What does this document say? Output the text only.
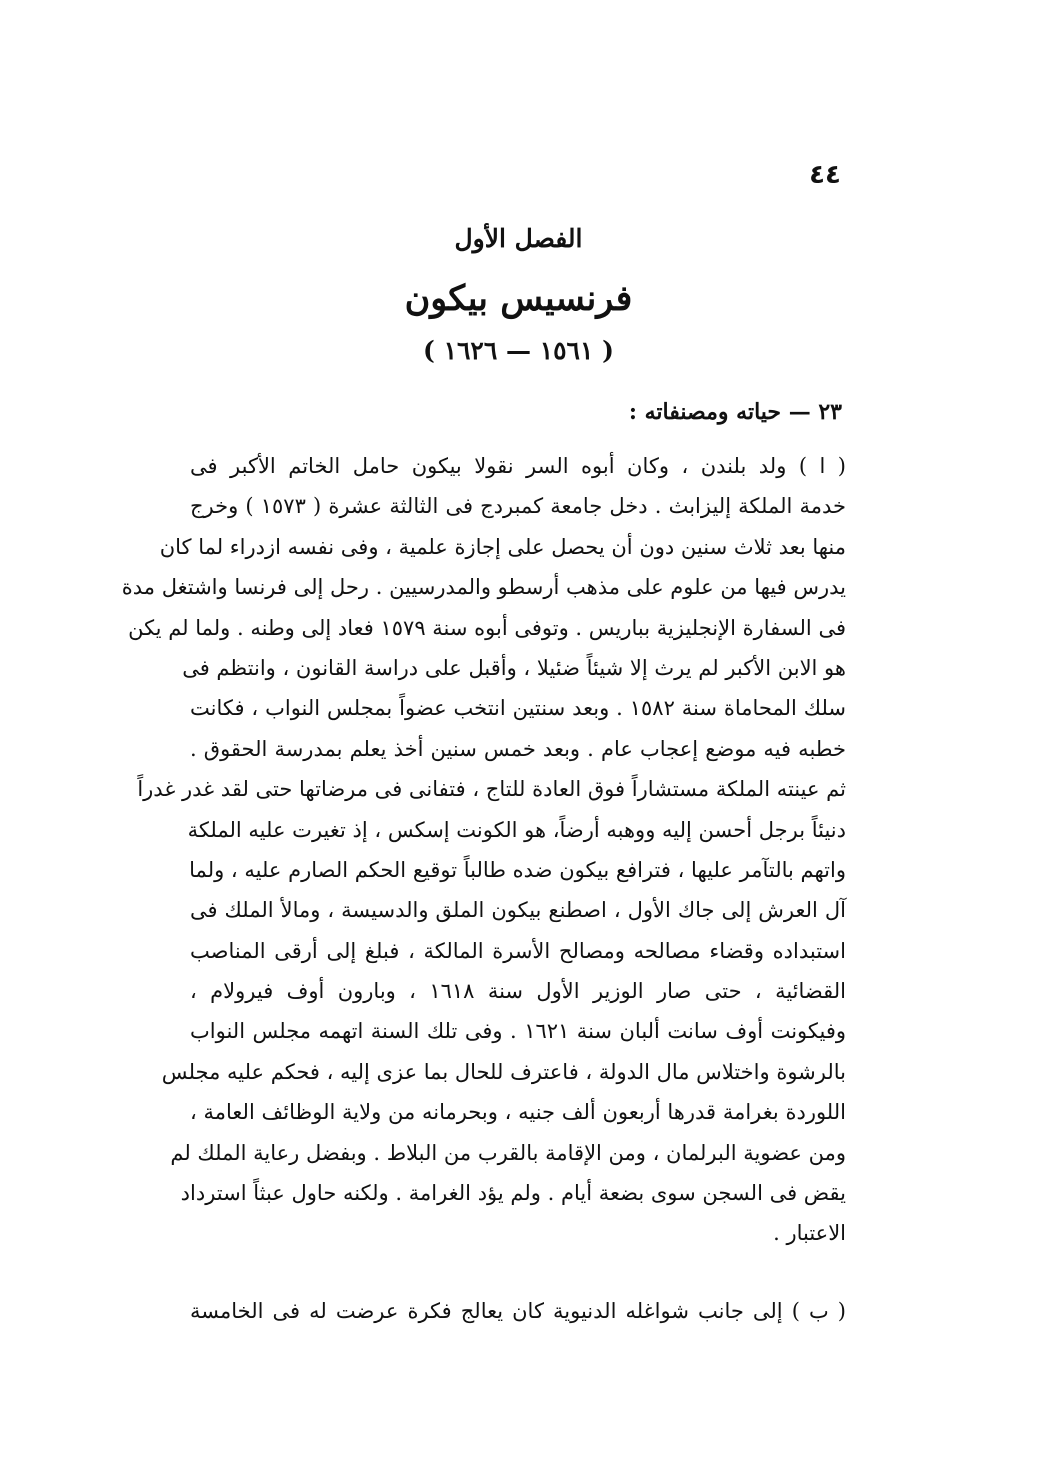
٤٤
الفصل الأول
فرنسيس بيكون
( ١٥٦١ — ١٦٢٦ )
٢٣ — حياته ومصنفاته :
( ا ) ولد بلندن ، وكان أبوه السر نقولا بيكون حامل الخاتم الأكبر فى
خدمة الملكة إليزابث . دخل جامعة كمبردج فى الثالثة عشرة ( ١٥٧٣ ) وخرج
منها بعد ثلاث سنين دون أن يحصل على إجازة علمية ، وفى نفسه ازدراء لما كان
يدرس فيها من علوم على مذهب أرسطو والمدرسيين . رحل إلى فرنسا واشتغل مدة
فى السفارة الإنجليزية بباريس . وتوفى أبوه سنة ١٥٧٩ فعاد إلى وطنه . ولما لم يكن
هو الابن الأكبر لم يرث إلا شيئاً ضئيلا ، وأقبل على دراسة القانون ، وانتظم فى
سلك المحاماة سنة ١٥٨٢ . وبعد سنتين انتخب عضواً بمجلس النواب ، فكانت
خطبه فيه موضع إعجاب عام . وبعد خمس سنين أخذ يعلم بمدرسة الحقوق .
ثم عينته الملكة مستشاراً فوق العادة للتاج ، فتفانى فى مرضاتها حتى لقد غدر غدراً
دنيئاً برجل أحسن إليه ووهبه أرضاً، هو الكونت إسكس ، إذ تغيرت عليه الملكة
واتهم بالتآمر عليها ، فترافع بيكون ضده طالباً توقيع الحكم الصارم عليه ، ولما
آل العرش إلى جاك الأول ، اصطنع بيكون الملق والدسيسة ، ومالأ الملك فى
استبداده وقضاء مصالحه ومصالح الأسرة المالكة ، فبلغ إلى أرقى المناصب
القضائية ، حتى صار الوزير الأول سنة ١٦١٨ ، وبارون أوف فيرولام ،
وفيكونت أوف سانت ألبان سنة ١٦٢١ . وفى تلك السنة اتهمه مجلس النواب
بالرشوة واختلاس مال الدولة ، فاعترف للحال بما عزى إليه ، فحكم عليه مجلس
اللوردة بغرامة قدرها أربعون ألف جنيه ، وبحرمانه من ولاية الوظائف العامة ،
ومن عضوية البرلمان ، ومن الإقامة بالقرب من البلاط . وبفضل رعاية الملك لم
يقض فى السجن سوى بضعة أيام . ولم يؤد الغرامة . ولكنه حاول عبثاً استرداد
الاعتبار .
( ب ) إلى جانب شواغله الدنيوية كان يعالج فكرة عرضت له فى الخامسة
